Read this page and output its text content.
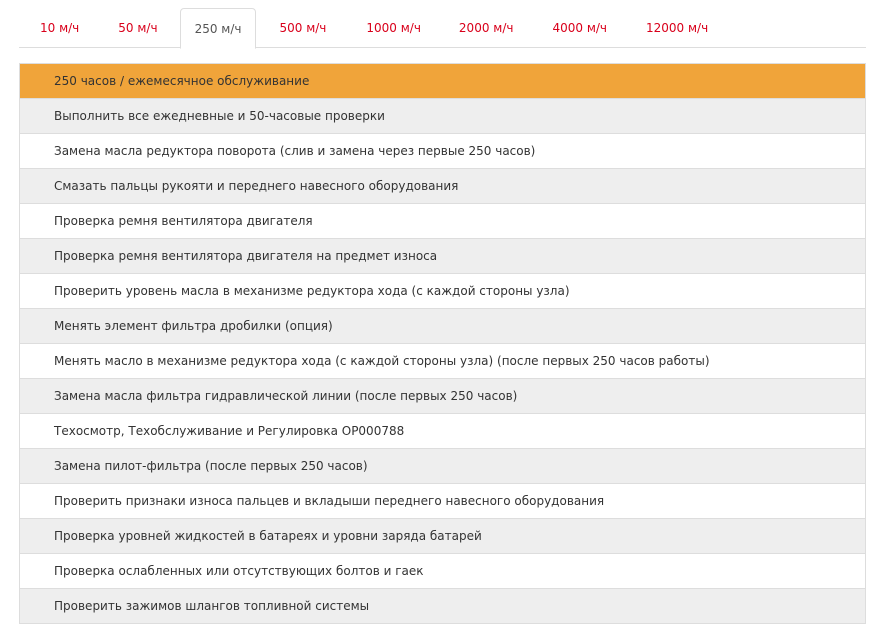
10 м/ч	50 м/ч	250 м/ч	500 м/ч	1000 м/ч	2000 м/ч	4000 м/ч	12000 м/ч
250 часов / ежемесячное обслуживание
Выполнить все ежедневные и 50-часовые проверки
Замена масла редуктора поворота (слив и замена через первые 250 часов)
Смазать пальцы рукояти и переднего навесного оборудования
Проверка ремня вентилятора двигателя
Проверка ремня вентилятора двигателя на предмет износа
Проверить уровень масла в механизме редуктора хода (с каждой стороны узла)
Менять элемент фильтра дробилки (опция)
Менять масло в механизме редуктора хода (с каждой стороны узла) (после первых 250 часов работы)
Замена масла фильтра гидравлической линии (после первых 250 часов)
Техосмотр, Техобслуживание и Регулировка OP000788
Замена пилот-фильтра (после первых 250 часов)
Проверить признаки износа пальцев и вкладыши переднего навесного оборудования
Проверка уровней жидкостей в батареях и уровни заряда батарей
Проверка ослабленных или отсутствующих болтов и гаек
Проверить зажимов шлангов топливной системы
